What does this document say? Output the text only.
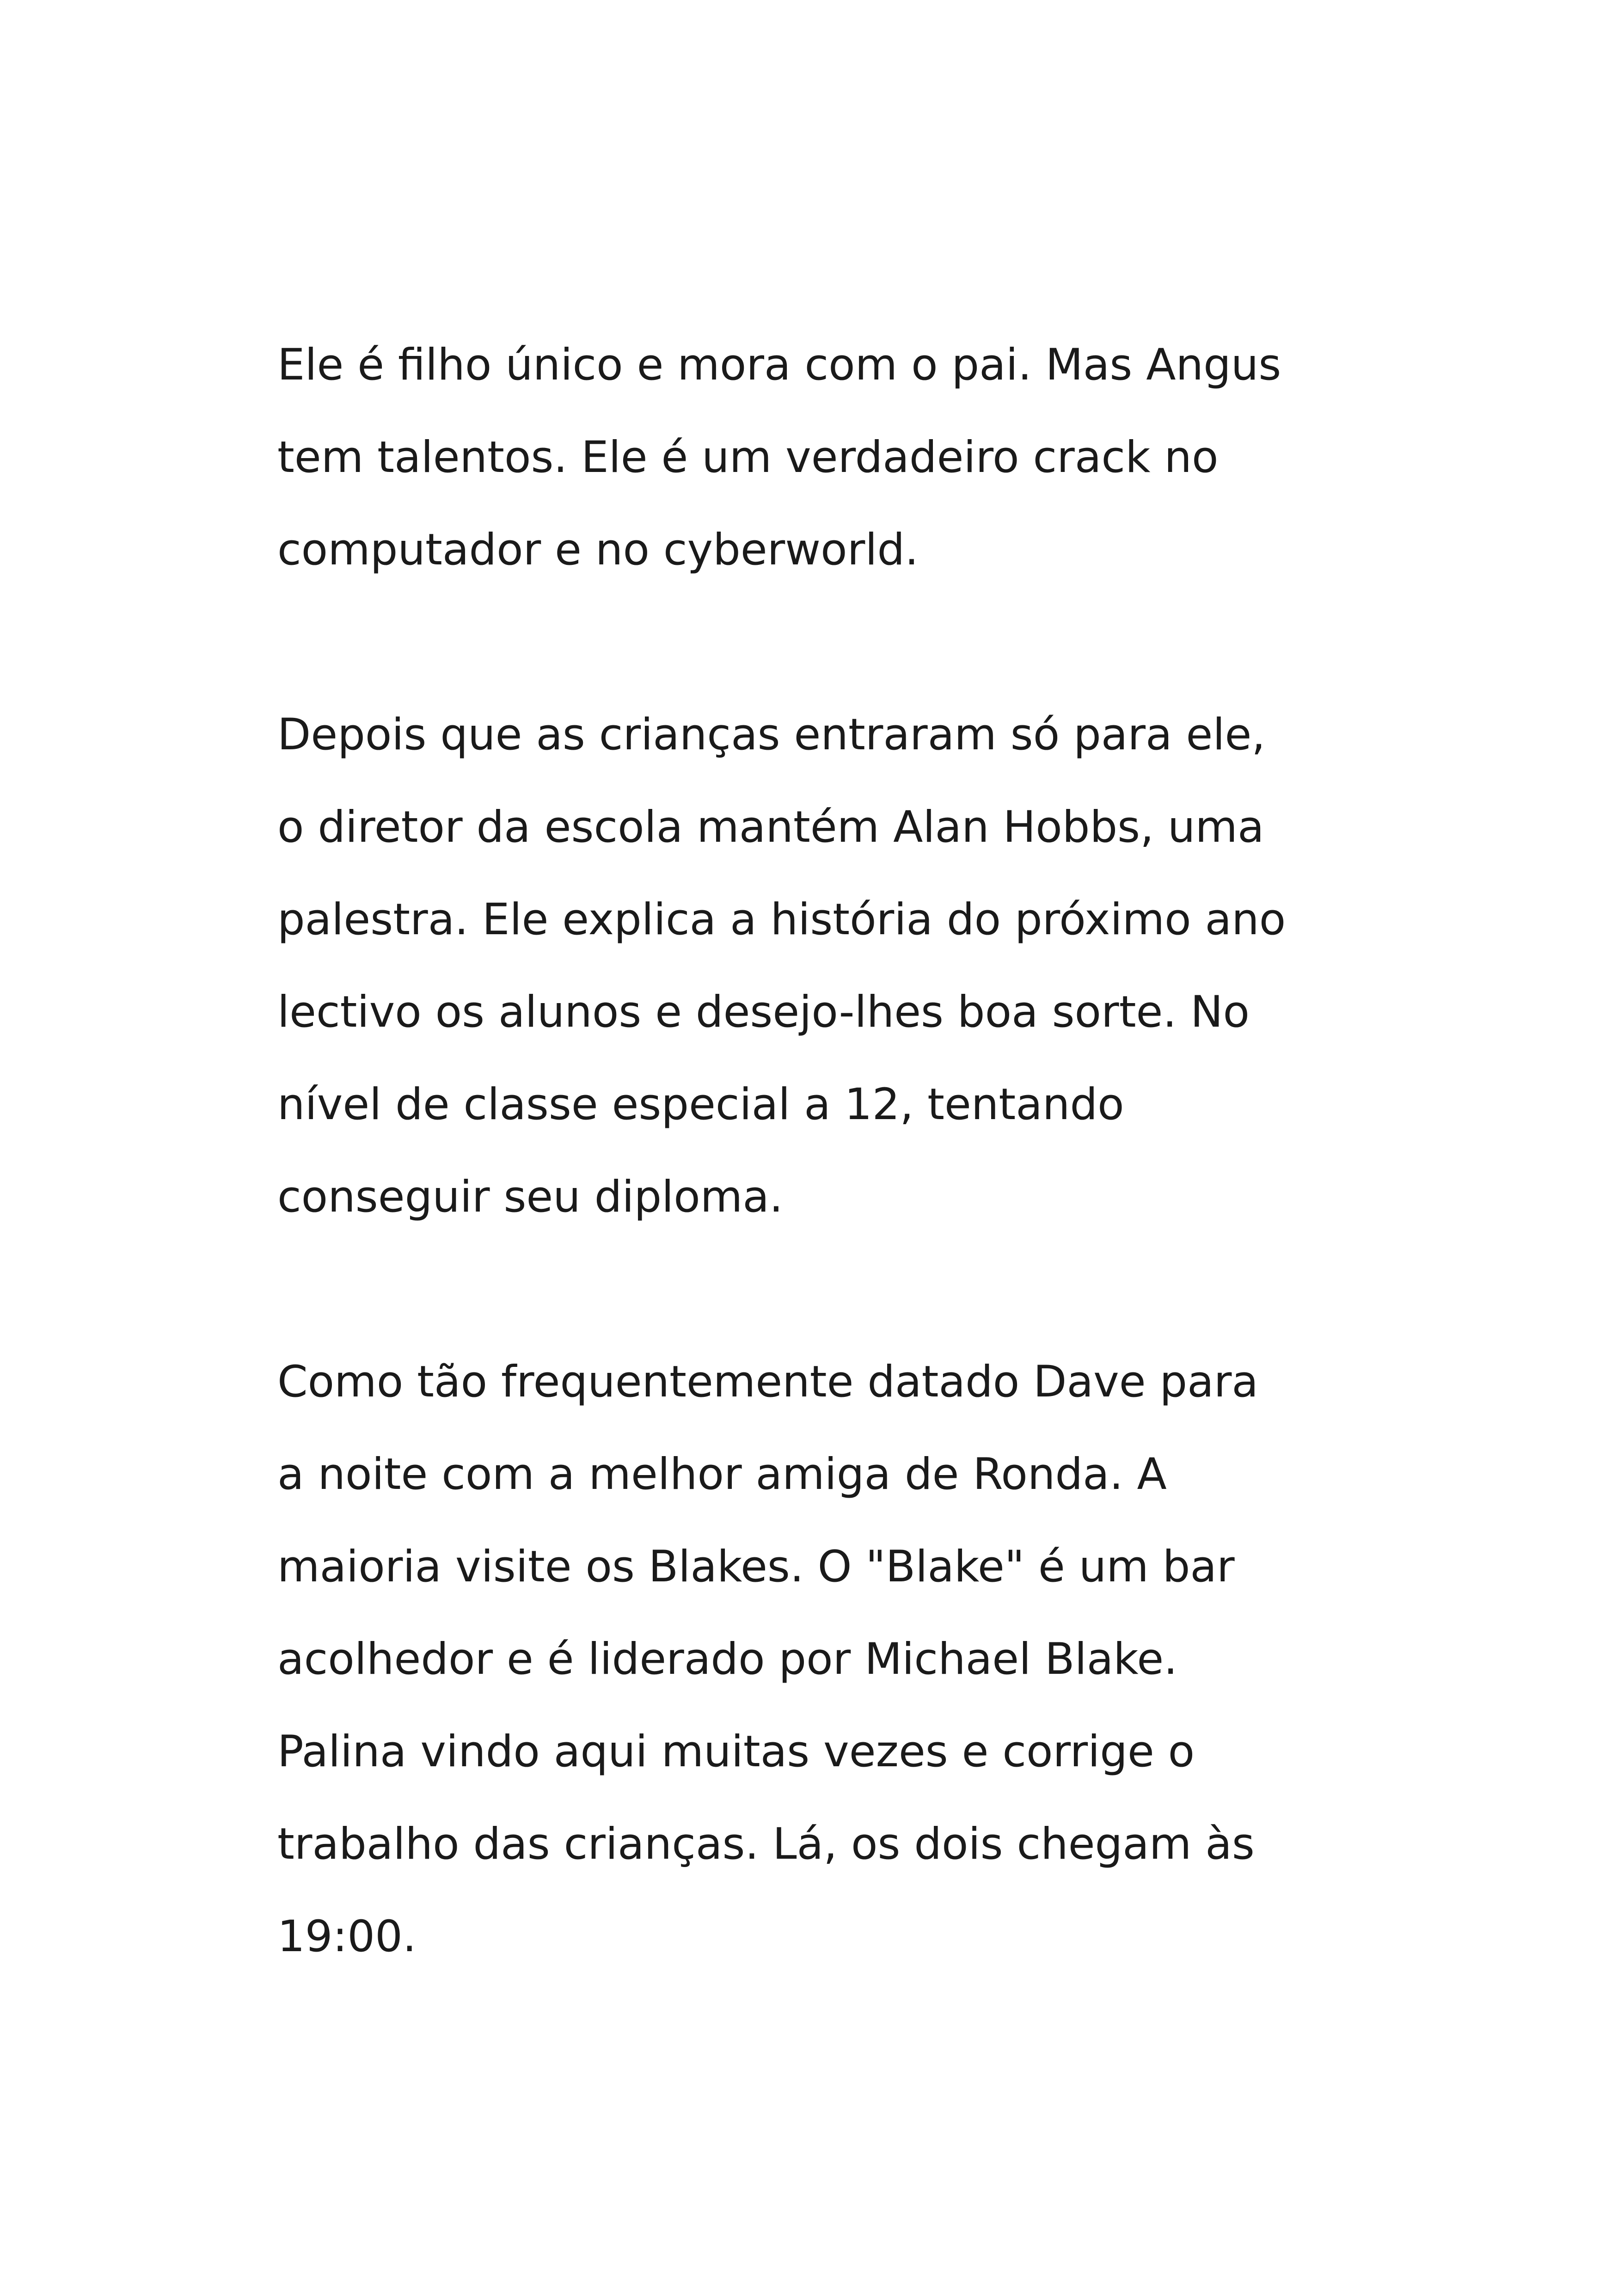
Ele é filho único e mora com o pai. Mas Angus
tem talentos. Ele é um verdadeiro crack no
computador e no cyberworld.
Depois que as crianças entraram só para ele,
o diretor da escola mantém Alan Hobbs, uma
palestra. Ele explica a história do próximo ano
lectivo os alunos e desejo-lhes boa sorte. No
nível de classe especial a 12, tentando
conseguir seu diploma.
Como tão frequentemente datado Dave para
a noite com a melhor amiga de Ronda. A
maioria visite os Blakes. O "Blake" é um bar
acolhedor e é liderado por Michael Blake.
Palina vindo aqui muitas vezes e corrige o
trabalho das crianças. Lá, os dois chegam às
19:00.
